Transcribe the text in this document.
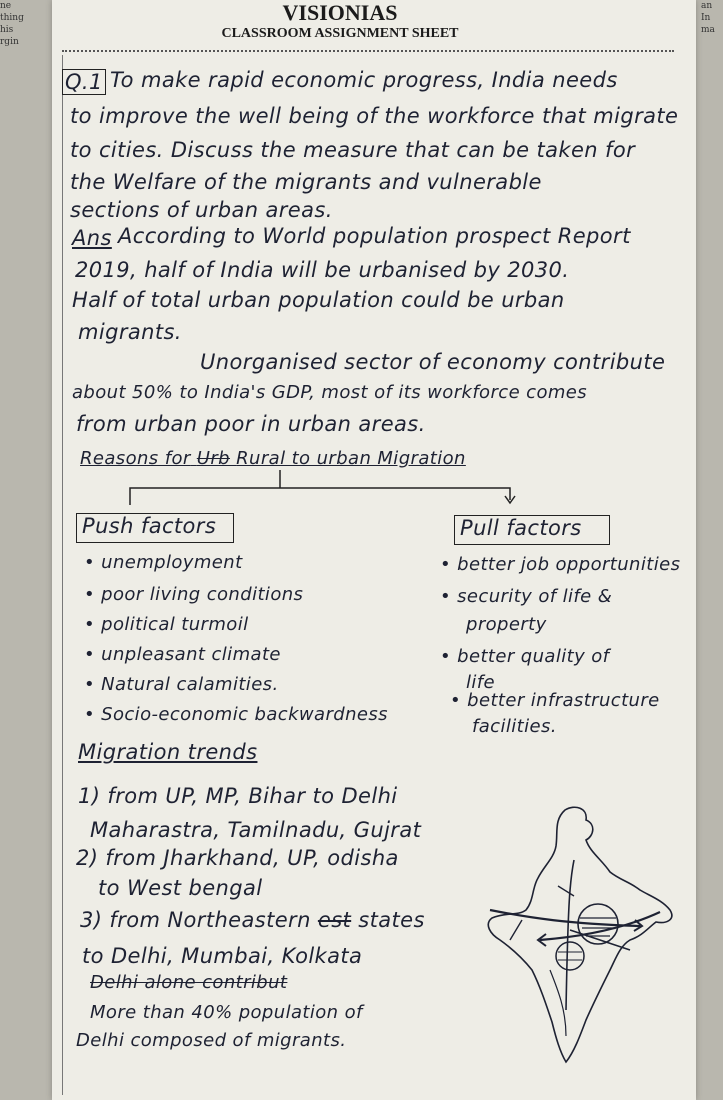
ne
thing
his
rgin
an
In
ma
VISIONIAS
CLASSROOM ASSIGNMENT SHEET
Q.1 To make rapid economic progress, India needs
to improve the well being of the workforce that migrate
to cities. Discuss the measure that can be taken for
the Welfare of the migrants and vulnerable
sections of urban areas.
Ans According to World population prospect Report
2019, half of India will be urbanised by 2030.
Half of total urban population could be urban
migrants.
Unorganised sector of economy contribute
about 50% to India's GDP, most of its workforce comes
from urban poor in urban areas.
Reasons for Urb Rural to urban Migration
Push factors
• unemployment
• poor living conditions
• political turmoil
• unpleasant climate
• Natural calamities.
• Socio-economic backwardness
Pull factors
• better job opportunities
• security of life &
property
• better quality of
life
• better infrastructure
facilities.
Migration trends
1) from UP, MP, Bihar to Delhi
Maharastra, Tamilnadu, Gujrat
2) from Jharkhand, UP, odisha
to West bengal
3) from Northeastern est states
to Delhi, Mumbai, Kolkata
Delhi alone contribut
More than 40% population of
Delhi composed of migrants.
